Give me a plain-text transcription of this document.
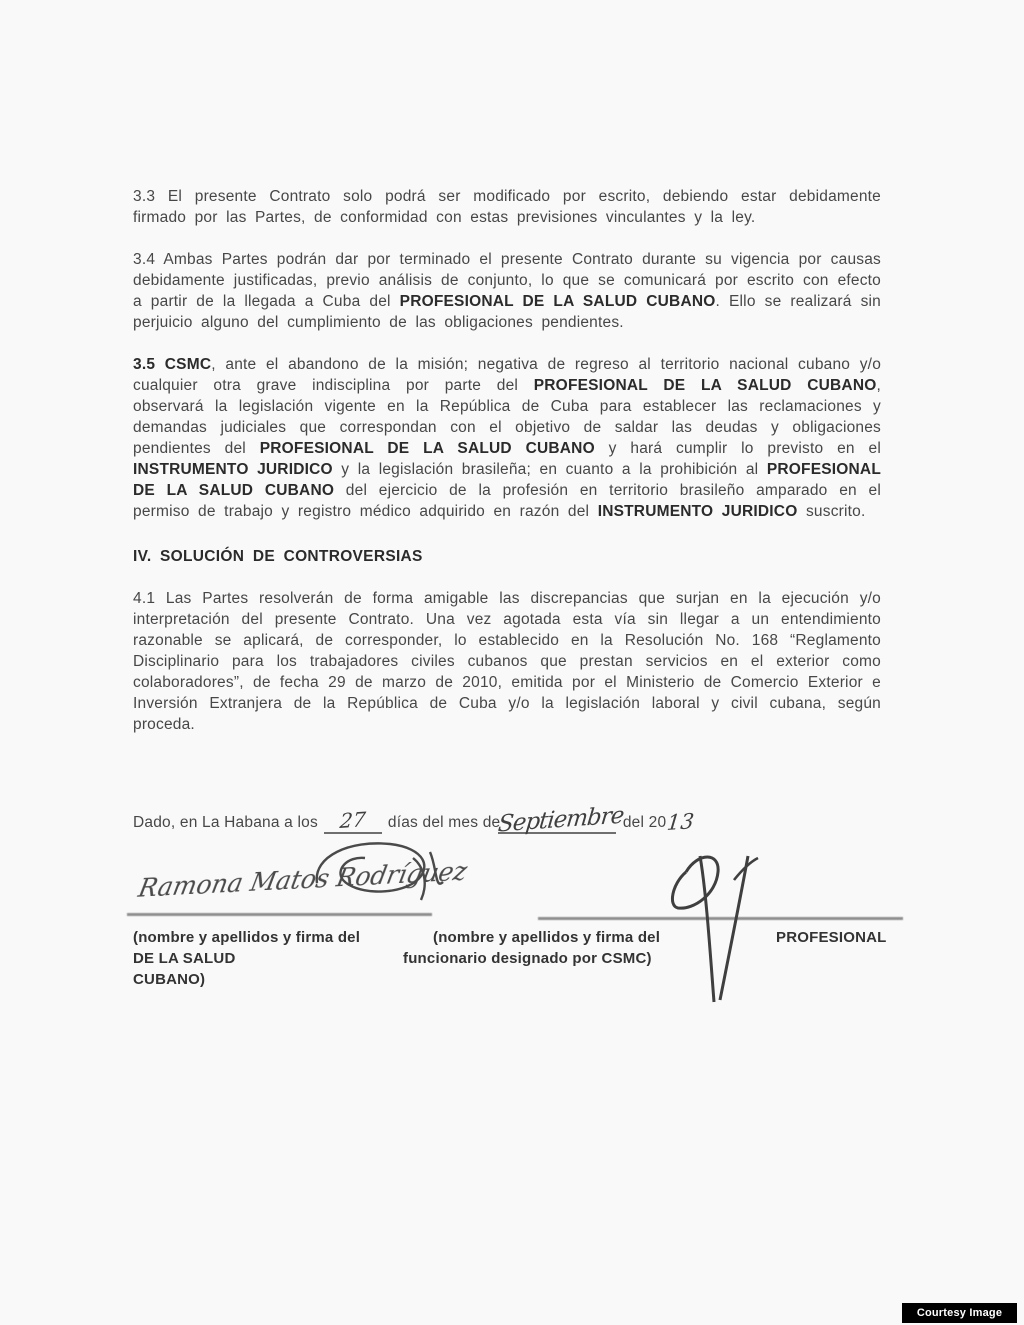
3.3 El presente Contrato solo podrá ser modificado por escrito, debiendo estar debidamente firmado por las Partes, de conformidad con estas previsiones vinculantes y la ley.

3.4 Ambas Partes podrán dar por terminado el presente Contrato durante su vigencia por causas debidamente justificadas, previo análisis de conjunto, lo que se comunicará por escrito con efecto a partir de la llegada a Cuba del PROFESIONAL DE LA SALUD CUBANO. Ello se realizará sin perjuicio alguno del cumplimiento de las obligaciones pendientes.

3.5 CSMC, ante el abandono de la misión; negativa de regreso al territorio nacional cubano y/o cualquier otra grave indisciplina por parte del PROFESIONAL DE LA SALUD CUBANO, observará la legislación vigente en la República de Cuba para establecer las reclamaciones y demandas judiciales que correspondan con el objetivo de saldar las deudas y obligaciones pendientes del PROFESIONAL DE LA SALUD CUBANO y hará cumplir lo previsto en el INSTRUMENTO JURIDICO y la legislación brasileña; en cuanto a la prohibición al PROFESIONAL DE LA SALUD CUBANO del ejercicio de la profesión en territorio brasileño amparado en el permiso de trabajo y registro médico adquirido en razón del INSTRUMENTO JURIDICO suscrito.

IV. SOLUCIÓN DE CONTROVERSIAS

4.1 Las Partes resolverán de forma amigable las discrepancias que surjan en la ejecución y/o interpretación del presente Contrato. Una vez agotada esta vía sin llegar a un entendimiento razonable se aplicará, de corresponder, lo establecido en la Resolución No. 168 “Reglamento Disciplinario para los trabajadores civiles cubanos que prestan servicios en el exterior como colaboradores”, de fecha 29 de marzo de 2010, emitida por el Ministerio de Comercio Exterior e Inversión Extranjera de la República de Cuba y/o la legislación laboral y civil cubana, según proceda.

Dado, en La Habana a los 27 días del mes deSeptiembre del 2013
Ramona Matos Rodríguez
(nombre y apellidos y firma del	(nombre y apellidos y firma del	PROFESIONAL
DE LA SALUD	funcionario designado por CSMC)
CUBANO)
Courtesy Image
